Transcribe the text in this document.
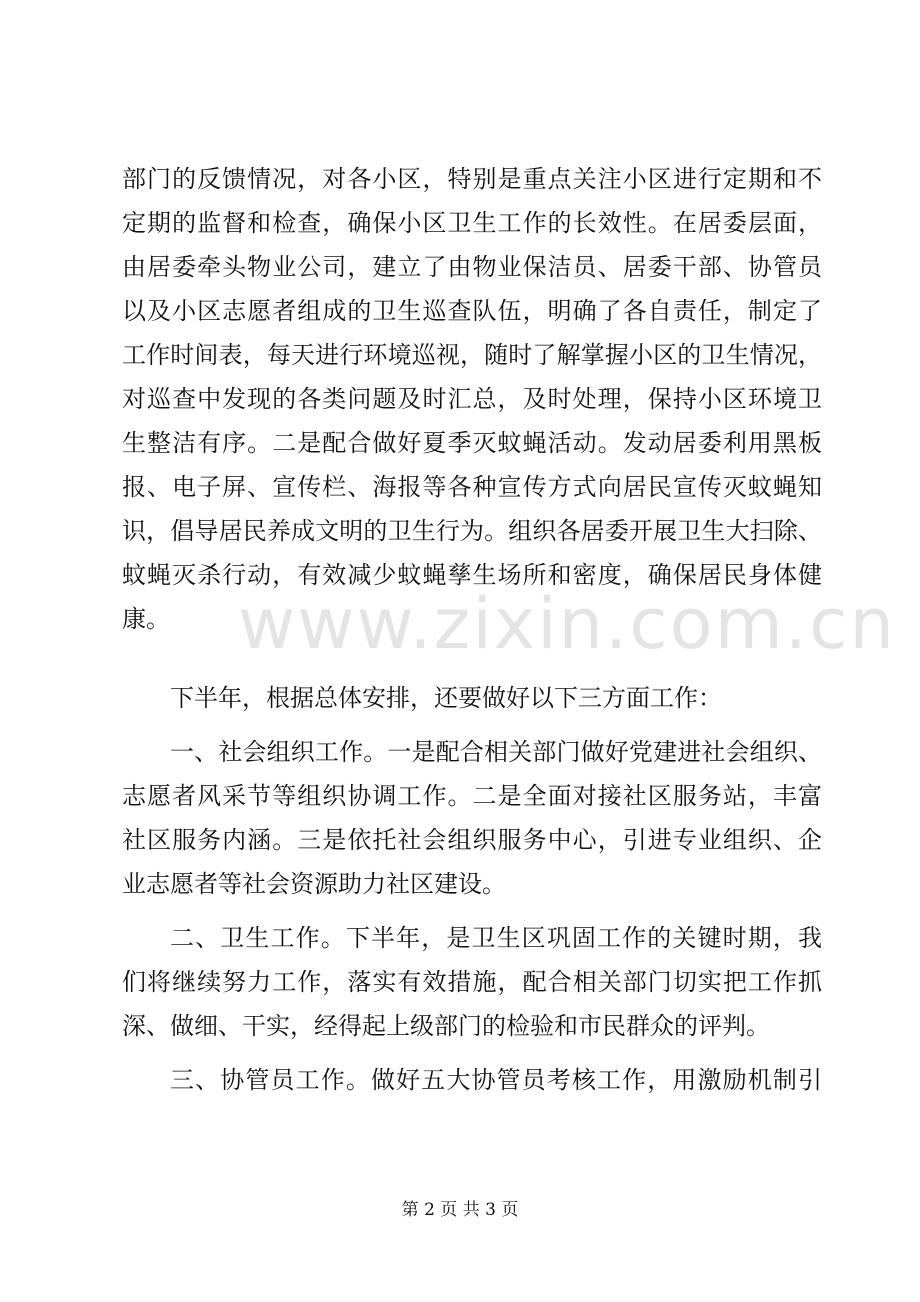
部门的反馈情况，对各小区，特别是重点关注小区进行定期和不
定期的监督和检查，确保小区卫生工作的长效性。在居委层面，
由居委牵头物业公司，建立了由物业保洁员、居委干部、协管员
以及小区志愿者组成的卫生巡查队伍，明确了各自责任，制定了
工作时间表，每天进行环境巡视，随时了解掌握小区的卫生情况，
对巡查中发现的各类问题及时汇总，及时处理，保持小区环境卫
生整洁有序。二是配合做好夏季灭蚊蝇活动。发动居委利用黑板
报、电子屏、宣传栏、海报等各种宣传方式向居民宣传灭蚊蝇知
识，倡导居民养成文明的卫生行为。组织各居委开展卫生大扫除、
蚊蝇灭杀行动，有效减少蚊蝇孳生场所和密度，确保居民身体健
康。
下半年，根据总体安排，还要做好以下三方面工作：
一、社会组织工作。一是配合相关部门做好党建进社会组织、
志愿者风采节等组织协调工作。二是全面对接社区服务站，丰富
社区服务内涵。三是依托社会组织服务中心，引进专业组织、企
业志愿者等社会资源助力社区建设。
二、卫生工作。下半年，是卫生区巩固工作的关键时期，我
们将继续努力工作，落实有效措施，配合相关部门切实把工作抓
深、做细、干实，经得起上级部门的检验和市民群众的评判。
三、协管员工作。做好五大协管员考核工作，用激励机制引
www.zixin.com.cn
第 2 页 共 3 页
